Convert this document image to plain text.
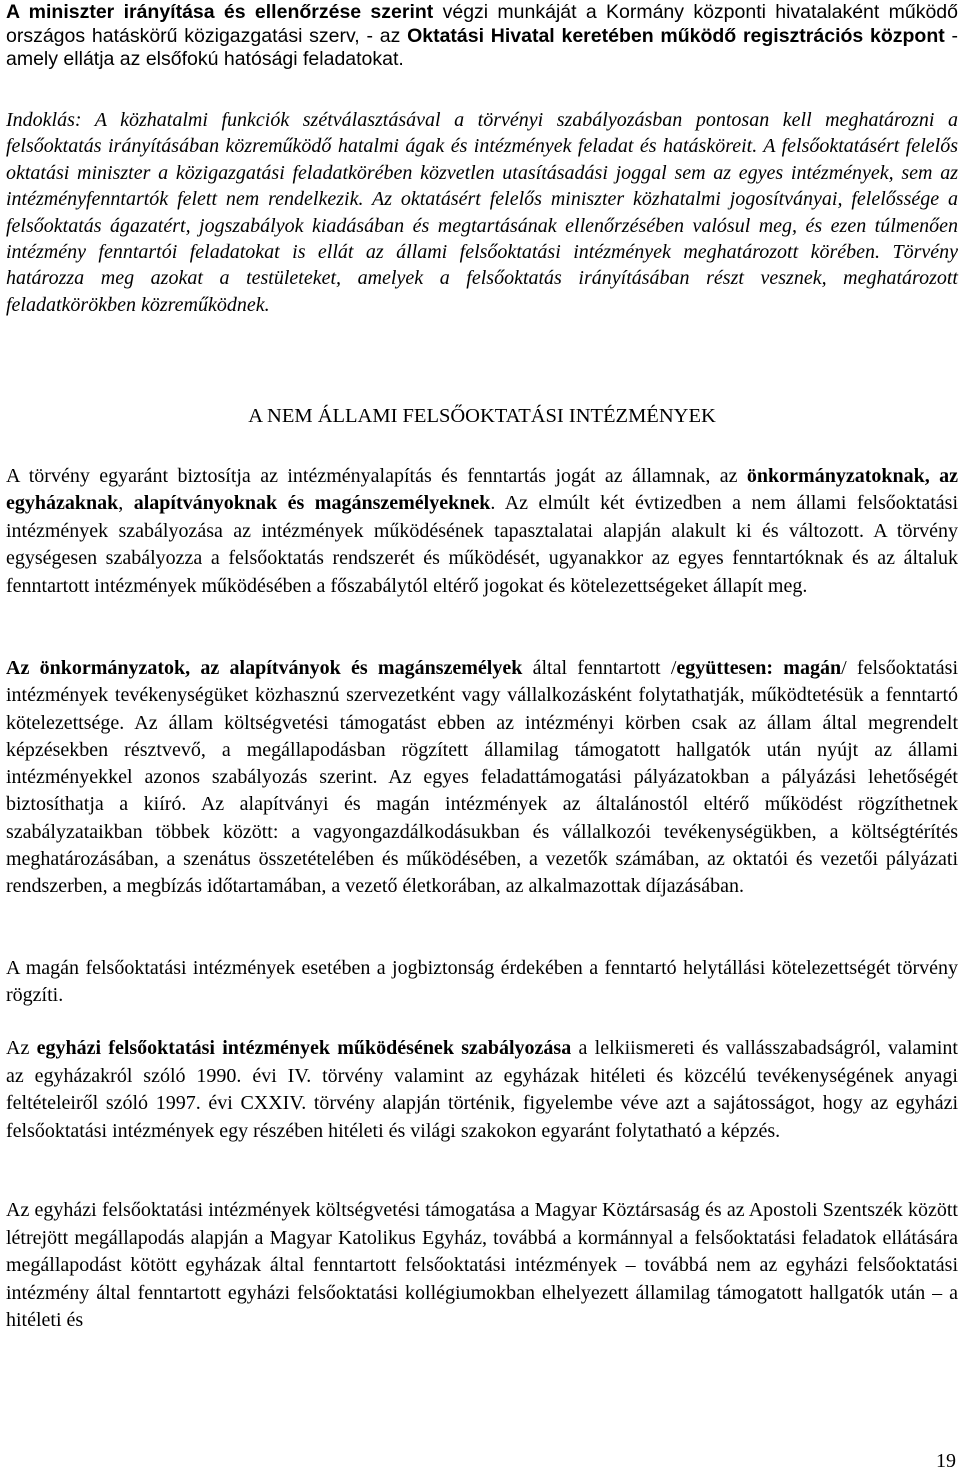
A miniszter irányítása és ellenőrzése szerint végzi munkáját a Kormány központi hivatalaként működő országos hatáskörű közigazgatási szerv, - az Oktatási Hivatal keretében működő regisztrációs központ - amely ellátja az elsőfokú hatósági feladatokat.

Indoklás: A közhatalmi funkciók szétválasztásával a törvényi szabályozásban pontosan kell meghatározni a felsőoktatás irányításában közreműködő hatalmi ágak és intézmények feladat és hatásköreit. A felsőoktatásért felelős oktatási miniszter a közigazgatási feladatkörében közvetlen utasításadási joggal sem az egyes intézmények, sem az intézményfenntartók felett nem rendelkezik. Az oktatásért felelős miniszter közhatalmi jogosítványai, felelőssége a felsőoktatás ágazatért, jogszabályok kiadásában és megtartásának ellenőrzésében valósul meg, és ezen túlmenően intézmény fenntartói feladatokat is ellát az állami felsőoktatási intézmények meghatározott körében. Törvény határozza meg azokat a testületeket, amelyek a felsőoktatás irányításában részt vesznek, meghatározott feladatkörökben közreműködnek.

A NEM ÁLLAMI FELSŐOKTATÁSI INTÉZMÉNYEK

A törvény egyaránt biztosítja az intézményalapítás és fenntartás jogát az államnak, az önkormányzatoknak, az egyházaknak, alapítványoknak és magánszemélyeknek. Az elmúlt két évtizedben a nem állami felsőoktatási intézmények szabályozása az intézmények működésének tapasztalatai alapján alakult ki és változott. A törvény egységesen szabályozza a felsőoktatás rendszerét és működését, ugyanakkor az egyes fenntartóknak és az általuk fenntartott intézmények működésében a főszabálytól eltérő jogokat és kötelezettségeket állapít meg.

Az önkormányzatok, az alapítványok és magánszemélyek által fenntartott /együttesen: magán/ felsőoktatási intézmények tevékenységüket közhasznú szervezetként vagy vállalkozásként folytathatják, működtetésük a fenntartó kötelezettsége. Az állam költségvetési támogatást ebben az intézményi körben csak az állam által megrendelt képzésekben résztvevő, a megállapodásban rögzített államilag támogatott hallgatók után nyújt az állami intézményekkel azonos szabályozás szerint. Az egyes feladattámogatási pályázatokban a pályázási lehetőségét biztosíthatja a kiíró. Az alapítványi és magán intézmények az általánostól eltérő működést rögzíthetnek szabályzataikban többek között: a vagyongazdálkodásukban és vállalkozói tevékenységükben, a költségtérítés meghatározásában, a szenátus összetételében és működésében, a vezetők számában, az oktatói és vezetői pályázati rendszerben, a megbízás időtartamában, a vezető életkorában, az alkalmazottak díjazásában.

A magán felsőoktatási intézmények esetében a jogbiztonság érdekében a fenntartó helytállási kötelezettségét törvény rögzíti.

Az egyházi felsőoktatási intézmények működésének szabályozása a lelkiismereti és vallásszabadságról, valamint az egyházakról szóló 1990. évi IV. törvény valamint az egyházak hitéleti és közcélú tevékenységének anyagi feltételeiről szóló 1997. évi CXXIV. törvény alapján történik, figyelembe véve azt a sajátosságot, hogy az egyházi felsőoktatási intézmények egy részében hitéleti és világi szakokon egyaránt folytatható a képzés.

Az egyházi felsőoktatási intézmények költségvetési támogatása a Magyar Köztársaság és az Apostoli Szentszék között létrejött megállapodás alapján a Magyar Katolikus Egyház, továbbá a kormánnyal a felsőoktatási feladatok ellátására megállapodást kötött egyházak által fenntartott felsőoktatási intézmények – továbbá nem az egyházi felsőoktatási intézmény által fenntartott egyházi felsőoktatási kollégiumokban elhelyezett államilag támogatott hallgatók után – a hitéleti és

19
